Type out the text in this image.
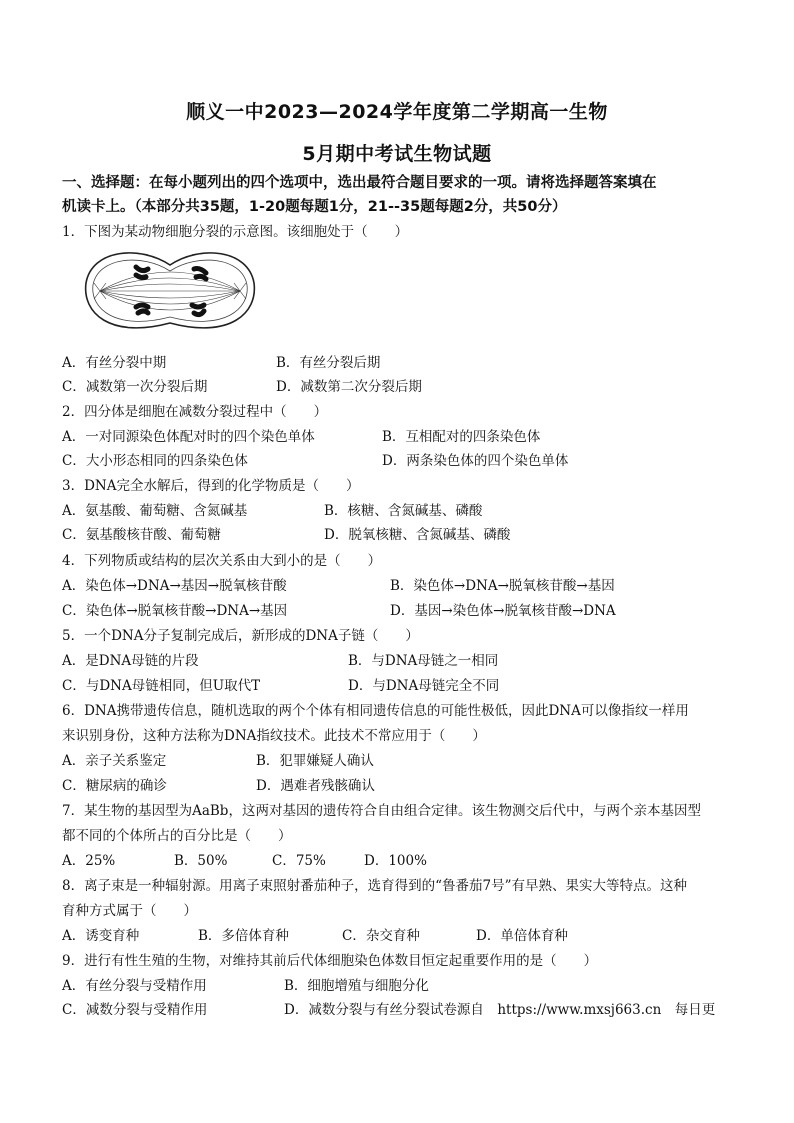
顺义一中2023—2024学年度第二学期高一生物
5月期中考试生物试题
一、选择题：在每小题列出的四个选项中，选出最符合题目要求的一项。请将选择题答案填在
机读卡上。（本部分共35题，1-20题每题1分，21--35题每题2分，共50分）
1．下图为某动物细胞分裂的示意图。该细胞处于（　　）
A．有丝分裂中期	B．有丝分裂后期
C．减数第一次分裂后期	D．减数第二次分裂后期
2．四分体是细胞在减数分裂过程中（　　）
A．一对同源染色体配对时的四个染色单体	B．互相配对的四条染色体
C．大小形态相同的四条染色体	D．两条染色体的四个染色单体
3．DNA完全水解后，得到的化学物质是（　　）
A．氨基酸、葡萄糖、含氮碱基	B．核糖、含氮碱基、磷酸
C．氨基酸核苷酸、葡萄糖	D．脱氧核糖、含氮碱基、磷酸
4．下列物质或结构的层次关系由大到小的是（　　）
A．染色体→DNA→基因→脱氧核苷酸	B．染色体→DNA→脱氧核苷酸→基因
C．染色体→脱氧核苷酸→DNA→基因	D．基因→染色体→脱氧核苷酸→DNA
5．一个DNA分子复制完成后，新形成的DNA子链（　　）
A．是DNA母链的片段	B．与DNA母链之一相同
C．与DNA母链相同，但U取代T	D．与DNA母链完全不同
6．DNA携带遗传信息，随机选取的两个个体有相同遗传信息的可能性极低，因此DNA可以像指纹一样用
来识别身份，这种方法称为DNA指纹技术。此技术不常应用于（　　）
A．亲子关系鉴定	B．犯罪嫌疑人确认
C．糖尿病的确诊	D．遇难者残骸确认
7．某生物的基因型为AaBb，这两对基因的遗传符合自由组合定律。该生物测交后代中，与两个亲本基因型
都不同的个体所占的百分比是（　　）
A．25%	B．50%	C．75%	D．100%
8．离子束是一种辐射源。用离子束照射番茄种子，选育得到的“鲁番茄7号”有早熟、果实大等特点。这种
育种方式属于（　　）
A．诱变育种	B．多倍体育种	C．杂交育种	D．单倍体育种
9．进行有性生殖的生物，对维持其前后代体细胞染色体数目恒定起重要作用的是（　　）
A．有丝分裂与受精作用	B．细胞增殖与细胞分化
C．减数分裂与受精作用	D．减数分裂与有丝分裂试卷源自　https://www.mxsj663.cn　每日更
